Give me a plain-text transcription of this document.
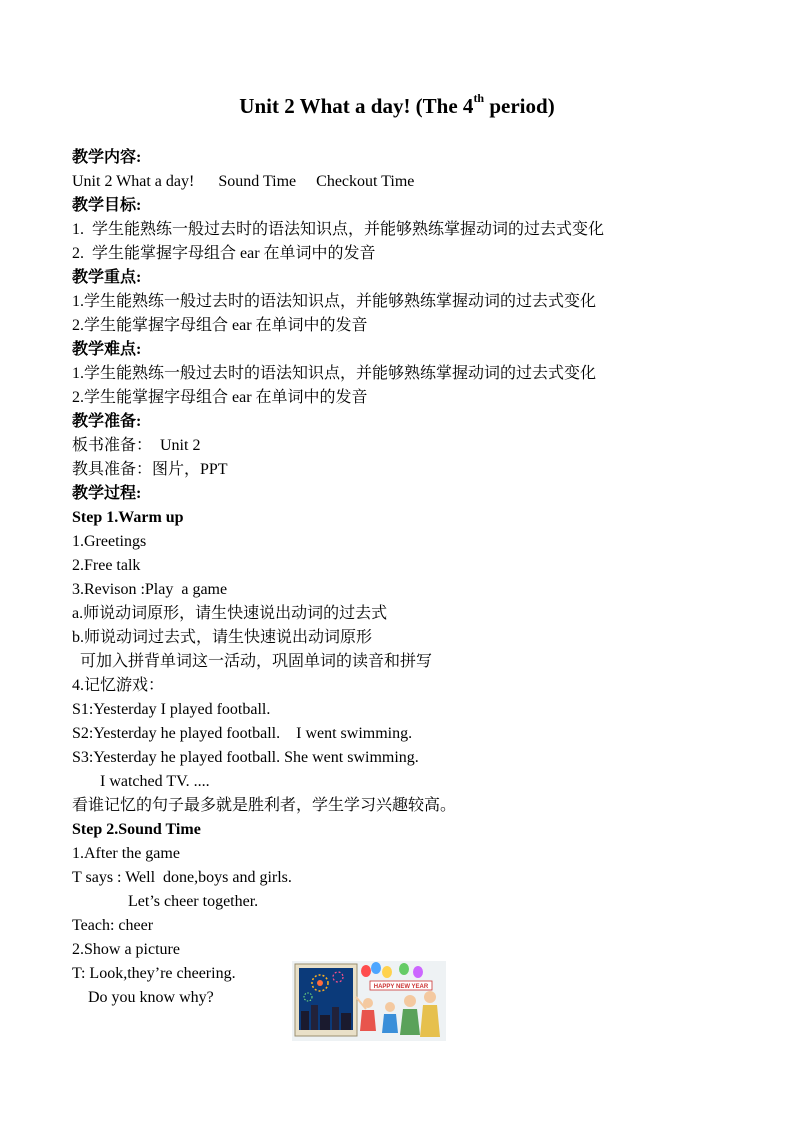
Unit 2 What a day! (The 4th period)
教学内容:
Unit 2 What a day!      Sound Time     Checkout Time
教学目标:
1.  学生能熟练一般过去时的语法知识点，并能够熟练掌握动词的过去式变化
2.  学生能掌握字母组合 ear 在单词中的发音
教学重点:
1.学生能熟练一般过去时的语法知识点，并能够熟练掌握动词的过去式变化
2.学生能掌握字母组合 ear 在单词中的发音
教学难点:
1.学生能熟练一般过去时的语法知识点，并能够熟练掌握动词的过去式变化
2.学生能掌握字母组合 ear 在单词中的发音
教学准备:
板书准备：  Unit 2
教具准备：图片，PPT
教学过程:
Step 1.Warm up
1.Greetings
2.Free talk
3.Revison :Play  a game
a.师说动词原形，请生快速说出动词的过去式
b.师说动词过去式，请生快速说出动词原形
可加入拼背单词这一活动，巩固单词的读音和拼写
4.记忆游戏：
S1:Yesterday I played football.
S2:Yesterday he played football.    I went swimming.
S3:Yesterday he played football. She went swimming.
I watched TV. ....
看谁记忆的句子最多就是胜利者，学生学习兴趣较高。
Step 2.Sound Time
1.After the game
T says : Well  done,boys and girls.
Let’s cheer together.
Teach: cheer
2.Show a picture
T: Look,they’re cheering.
Do you know why?
HAPPY NEW YEAR
